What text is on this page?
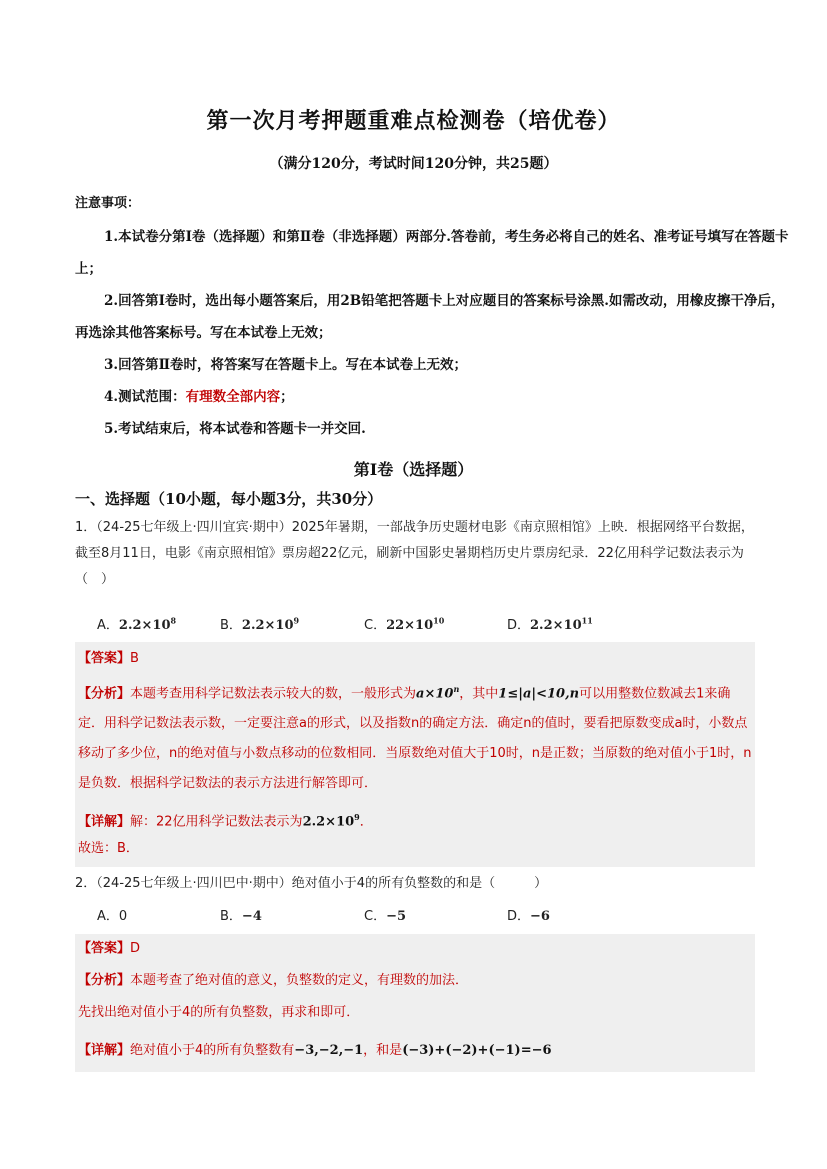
第一次月考押题重难点检测卷（培优卷）
（满分120分，考试时间120分钟，共25题）
注意事项：
1.本试卷分第Ⅰ卷（选择题）和第Ⅱ卷（非选择题）两部分.答卷前，考生务必将自己的姓名、准考证号填写在答题卡上；
2.回答第Ⅰ卷时，选出每小题答案后，用2B铅笔把答题卡上对应题目的答案标号涂黑.如需改动，用橡皮擦干净后，再选涂其他答案标号。写在本试卷上无效；
3.回答第Ⅱ卷时，将答案写在答题卡上。写在本试卷上无效；
4.测试范围：有理数全部内容；
5.考试结束后，将本试卷和答题卡一并交回.
第Ⅰ卷（选择题）
一、选择题（10小题，每小题3分，共30分）
1．（24-25七年级上·四川宜宾·期中）2025年暑期，一部战争历史题材电影《南京照相馆》上映．根据网络平台数据，截至8月11日，电影《南京照相馆》票房超22亿元，刷新中国影史暑期档历史片票房纪录．22亿用科学记数法表示为（　）
A．$2.2\times 10^8$	B．$2.2\times 10^9$	C．$22\times 10^{10}$	D．$2.2\times 10^{11}$
【答案】B
【分析】本题考查用科学记数法表示较大的数，一般形式为$a\times 10^n$，其中1≤|a|<10,n可以用整数位数减去1来确定．用科学记数法表示数，一定要注意a的形式，以及指数n的确定方法．确定n的值时，要看把原数变成a时，小数点移动了多少位，n的绝对值与小数点移动的位数相同．当原数绝对值大于10时，n是正数；当原数的绝对值小于1时，n是负数．根据科学记数法的表示方法进行解答即可．
【详解】解：22亿用科学记数法表示为$2.2\times 10^9$．
故选：B．
2．（24-25七年级上·四川巴中·期中）绝对值小于4的所有负整数的和是（　　　）
A．0	B．−4	C．−5	D．−6
【答案】D
【分析】本题考查了绝对值的意义，负整数的定义，有理数的加法．
先找出绝对值小于4的所有负整数，再求和即可．
【详解】绝对值小于4的所有负整数有−3,−2,−1，和是(−3)+(−2)+(−1)=−6
